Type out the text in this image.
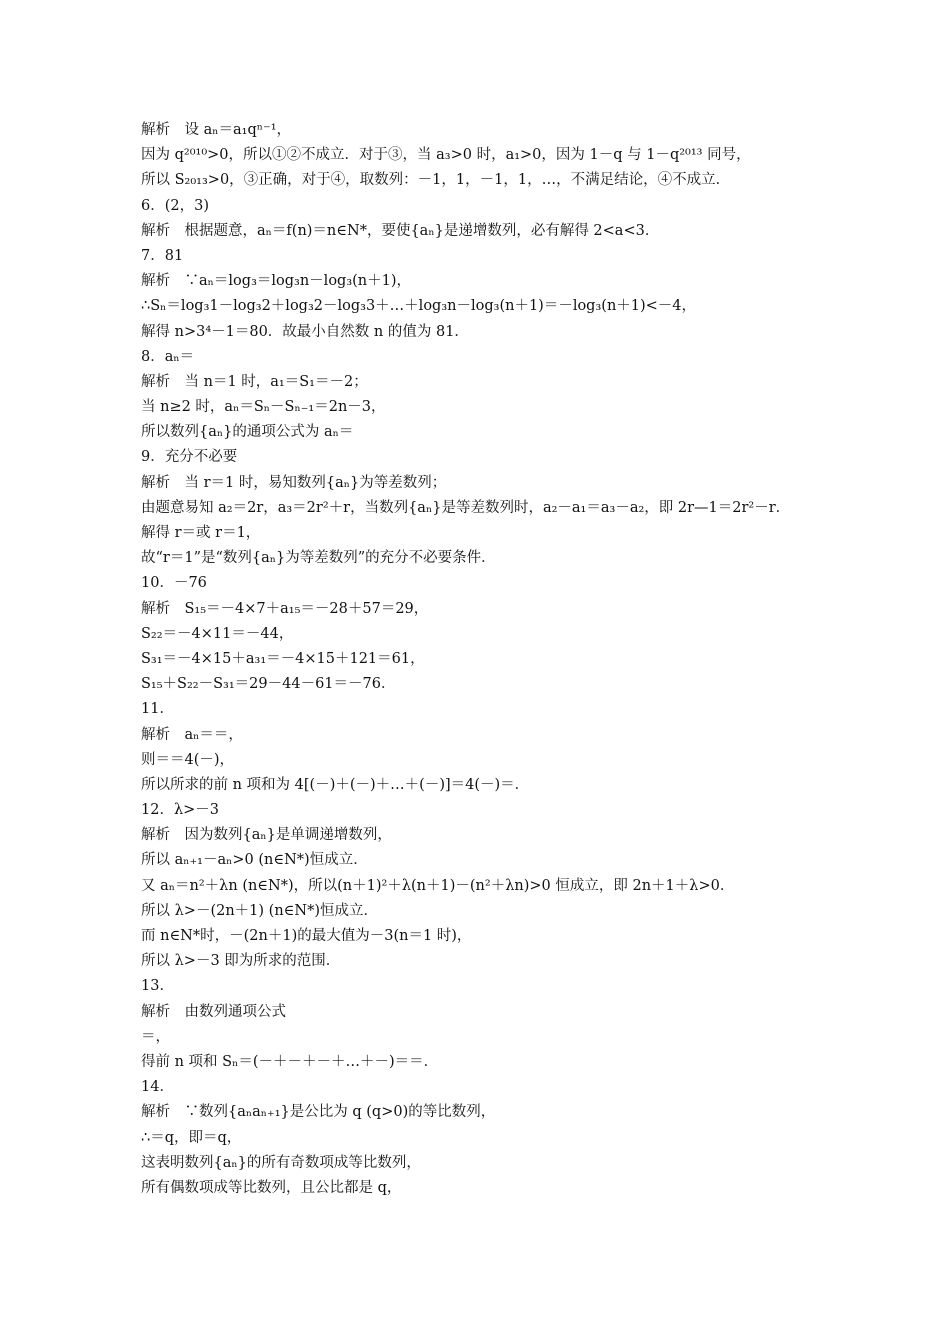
解析　设 aₙ＝a₁qⁿ⁻¹，
因为 q²⁰¹⁰>0，所以①②不成立．对于③，当 a₃>0 时，a₁>0，因为 1－q 与 1－q²⁰¹³ 同号，
所以 S₂₀₁₃>0，③正确，对于④，取数列：－1，1，－1，1，…，不满足结论，④不成立．
6．(2，3)
解析　根据题意，aₙ＝f(n)＝n∈N*，要使{aₙ}是递增数列，必有解得 2<a<3．
7．81
解析　∵aₙ＝log₃＝log₃n－log₃(n＋1)，
∴Sₙ＝log₃1－log₃2＋log₃2－log₃3＋…＋log₃n－log₃(n＋1)＝－log₃(n＋1)<－4，
解得 n>3⁴－1＝80．故最小自然数 n 的值为 81．
8．aₙ＝
解析　当 n＝1 时，a₁＝S₁＝－2；
当 n≥2 时，aₙ＝Sₙ－Sₙ₋₁＝2n－3，
所以数列{aₙ}的通项公式为 aₙ＝
9．充分不必要
解析　当 r＝1 时，易知数列{aₙ}为等差数列；
由题意易知 a₂＝2r，a₃＝2r²＋r，当数列{aₙ}是等差数列时，a₂－a₁＝a₃－a₂，即 2r—1＝2r²－r．
解得 r＝或 r＝1，
故“r＝1”是“数列{aₙ}为等差数列”的充分不必要条件．
10．－76
解析　S₁₅＝－4×7＋a₁₅＝－28＋57＝29，
S₂₂＝－4×11＝－44，
S₃₁＝－4×15＋a₃₁＝－4×15＋121＝61，
S₁₅＋S₂₂－S₃₁＝29－44－61＝－76．
11．
解析　aₙ＝＝，
则＝＝4(－)，
所以所求的前 n 项和为 4[(－)＋(－)＋…＋(－)]＝4(－)＝．
12．λ>－3
解析　因为数列{aₙ}是单调递增数列，
所以 aₙ₊₁－aₙ>0 (n∈N*)恒成立．
又 aₙ＝n²＋λn (n∈N*)，所以(n＋1)²＋λ(n＋1)－(n²＋λn)>0 恒成立，即 2n＋1＋λ>0．
所以 λ>－(2n＋1) (n∈N*)恒成立．
而 n∈N*时，－(2n＋1)的最大值为－3(n＝1 时)，
所以 λ>－3 即为所求的范围．
13．
解析　由数列通项公式
＝，
得前 n 项和 Sₙ＝(－＋－＋－＋…＋－)＝＝．
14．
解析　∵数列{aₙaₙ₊₁}是公比为 q (q>0)的等比数列，
∴＝q，即＝q，
这表明数列{aₙ}的所有奇数项成等比数列，
所有偶数项成等比数列，且公比都是 q，
